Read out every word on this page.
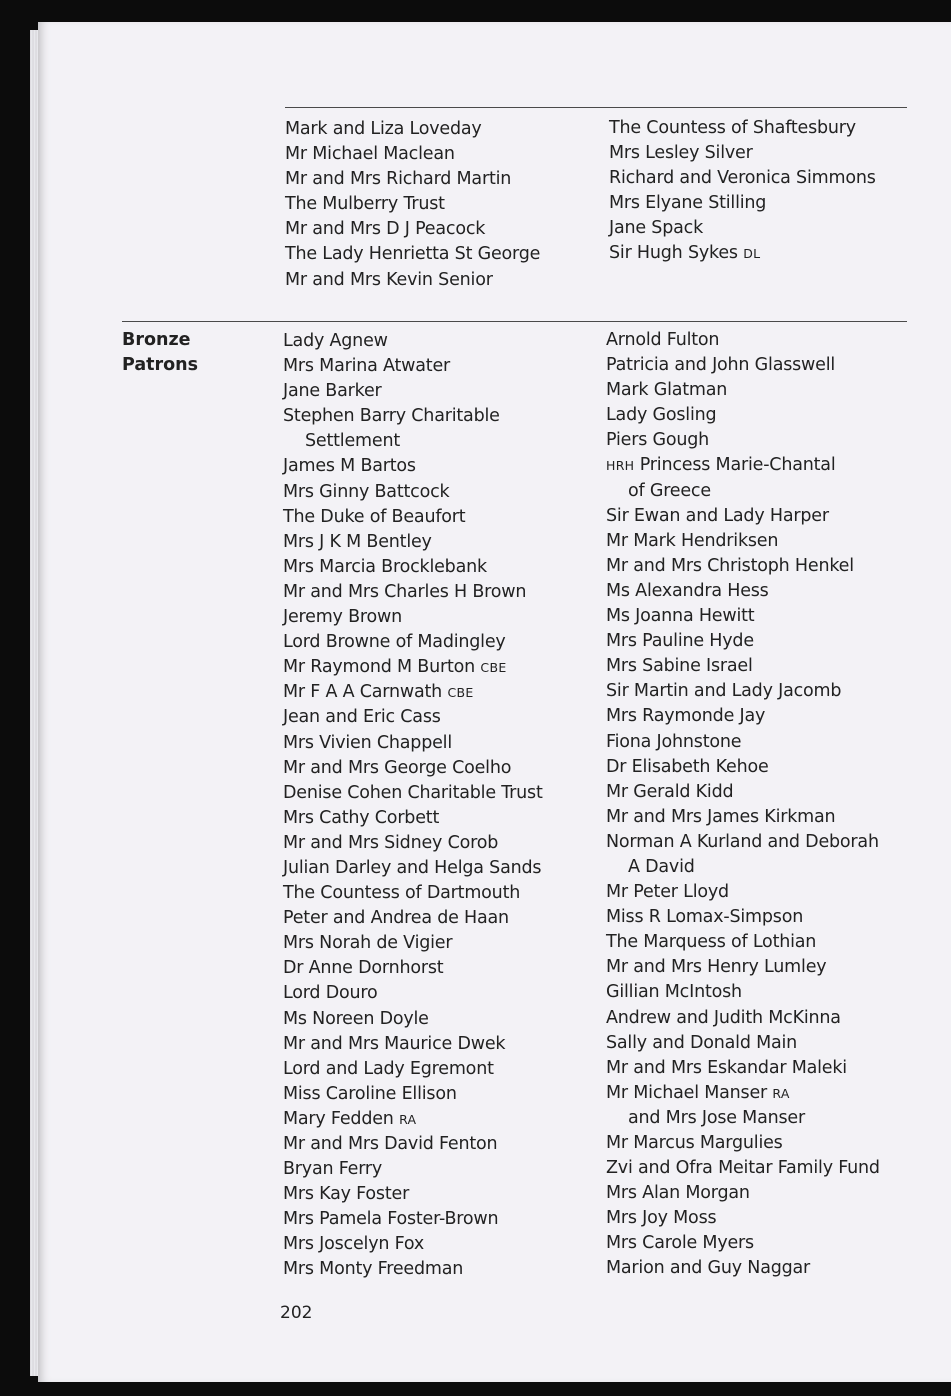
Mark and Liza Loveday
Mr Michael Maclean
Mr and Mrs Richard Martin
The Mulberry Trust
Mr and Mrs D J Peacock
The Lady Henrietta St George
Mr and Mrs Kevin Senior
The Countess of Shaftesbury
Mrs Lesley Silver
Richard and Veronica Simmons
Mrs Elyane Stilling
Jane Spack
Sir Hugh Sykes DL
Bronze
Patrons
Lady Agnew
Mrs Marina Atwater
Jane Barker
Stephen Barry Charitable
Settlement
James M Bartos
Mrs Ginny Battcock
The Duke of Beaufort
Mrs J K M Bentley
Mrs Marcia Brocklebank
Mr and Mrs Charles H Brown
Jeremy Brown
Lord Browne of Madingley
Mr Raymond M Burton CBE
Mr F A A Carnwath CBE
Jean and Eric Cass
Mrs Vivien Chappell
Mr and Mrs George Coelho
Denise Cohen Charitable Trust
Mrs Cathy Corbett
Mr and Mrs Sidney Corob
Julian Darley and Helga Sands
The Countess of Dartmouth
Peter and Andrea de Haan
Mrs Norah de Vigier
Dr Anne Dornhorst
Lord Douro
Ms Noreen Doyle
Mr and Mrs Maurice Dwek
Lord and Lady Egremont
Miss Caroline Ellison
Mary Fedden RA
Mr and Mrs David Fenton
Bryan Ferry
Mrs Kay Foster
Mrs Pamela Foster-Brown
Mrs Joscelyn Fox
Mrs Monty Freedman
Arnold Fulton
Patricia and John Glasswell
Mark Glatman
Lady Gosling
Piers Gough
HRH Princess Marie-Chantal
of Greece
Sir Ewan and Lady Harper
Mr Mark Hendriksen
Mr and Mrs Christoph Henkel
Ms Alexandra Hess
Ms Joanna Hewitt
Mrs Pauline Hyde
Mrs Sabine Israel
Sir Martin and Lady Jacomb
Mrs Raymonde Jay
Fiona Johnstone
Dr Elisabeth Kehoe
Mr Gerald Kidd
Mr and Mrs James Kirkman
Norman A Kurland and Deborah
A David
Mr Peter Lloyd
Miss R Lomax-Simpson
The Marquess of Lothian
Mr and Mrs Henry Lumley
Gillian McIntosh
Andrew and Judith McKinna
Sally and Donald Main
Mr and Mrs Eskandar Maleki
Mr Michael Manser RA
and Mrs Jose Manser
Mr Marcus Margulies
Zvi and Ofra Meitar Family Fund
Mrs Alan Morgan
Mrs Joy Moss
Mrs Carole Myers
Marion and Guy Naggar
202
